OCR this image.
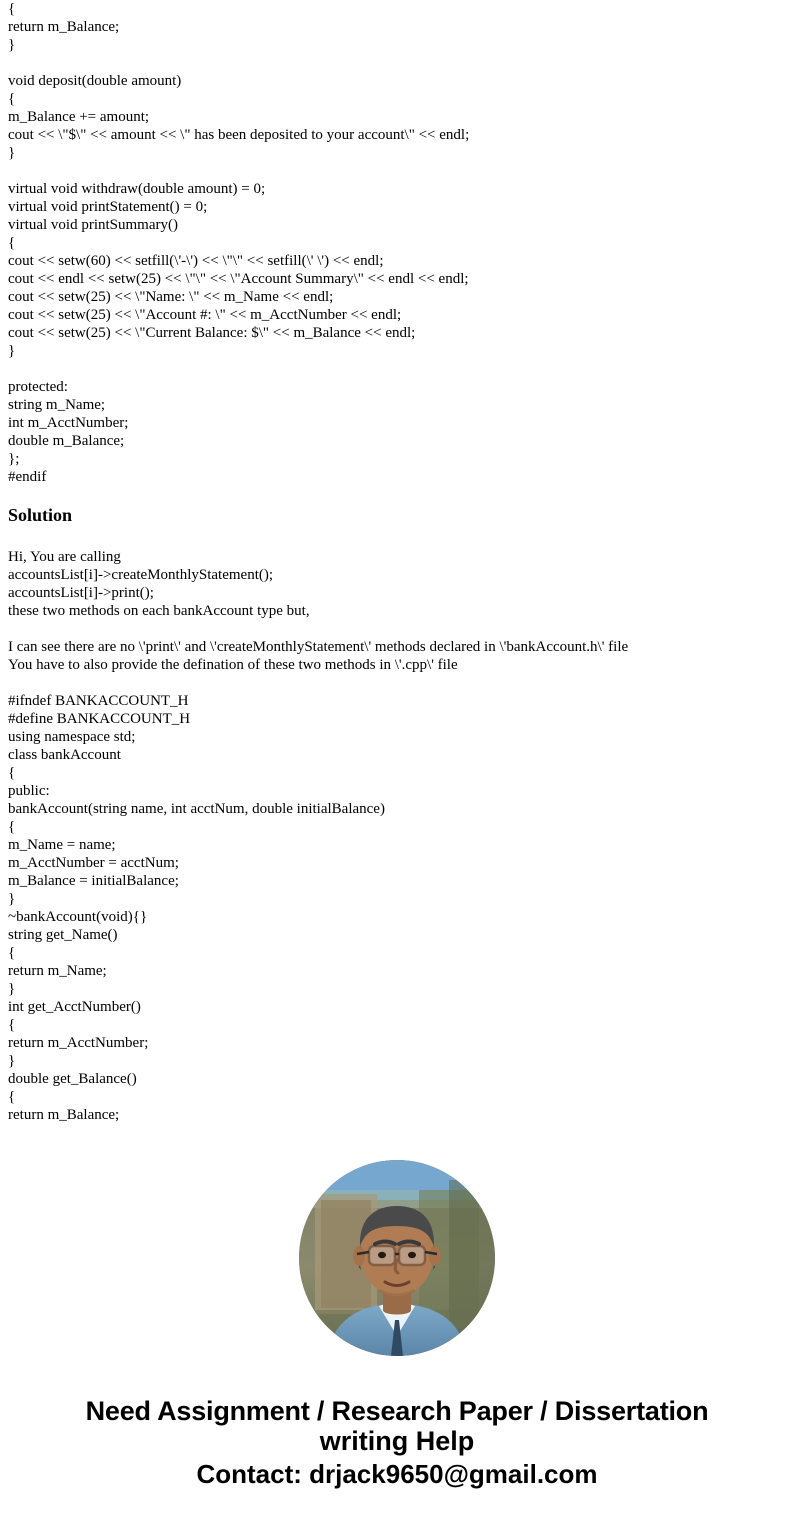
{
return m_Balance;
}
void deposit(double amount)
{
m_Balance += amount;
cout << \"$\" << amount << \" has been deposited to your account\" << endl;
}
virtual void withdraw(double amount) = 0;
virtual void printStatement() = 0;
virtual void printSummary()
{
cout << setw(60) << setfill(\'-\') << \"\" << setfill(\' \') << endl;
cout << endl << setw(25) << \"\" << \"Account Summary\" << endl << endl;
cout << setw(25) << \"Name: \" << m_Name << endl;
cout << setw(25) << \"Account #: \" << m_AcctNumber << endl;
cout << setw(25) << \"Current Balance: $\" << m_Balance << endl;
}
protected:
string m_Name;
int m_AcctNumber;
double m_Balance;
};
#endif
Solution
Hi, You are calling
accountsList[i]->createMonthlyStatement();
accountsList[i]->print();
these two methods on each bankAccount type but,
I can see there are no \'print\' and \'createMonthlyStatement\' methods declared in \'bankAccount.h\' file
You have to also provide the defination of these two methods in \'.cpp\' file
#ifndef BANKACCOUNT_H
#define BANKACCOUNT_H
using namespace std;
class bankAccount
{
public:
bankAccount(string name, int acctNum, double initialBalance)
{
m_Name = name;
m_AcctNumber = acctNum;
m_Balance = initialBalance;
}
~bankAccount(void){}
string get_Name()
{
return m_Name;
}
int get_AcctNumber()
{
return m_AcctNumber;
}
double get_Balance()
{
return m_Balance;
Need Assignment / Research Paper / Dissertation
writing Help
Contact: drjack9650@gmail.com
